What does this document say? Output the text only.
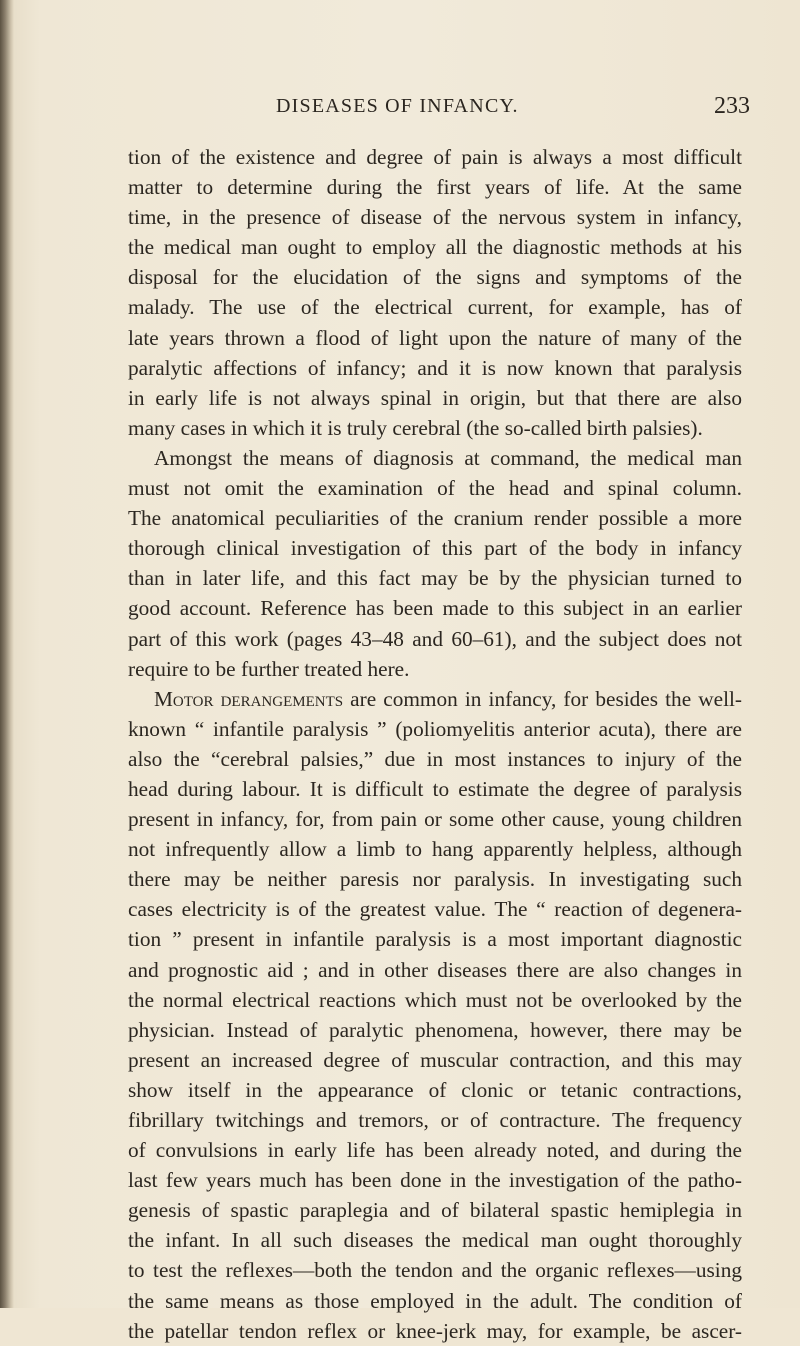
DISEASES OF INFANCY.	233
tion of the existence and degree of pain is always a most difficult
matter to determine during the first years of life. At the same
time, in the presence of disease of the nervous system in infancy,
the medical man ought to employ all the diagnostic methods at his
disposal for the elucidation of the signs and symptoms of the
malady. The use of the electrical current, for example, has of
late years thrown a flood of light upon the nature of many of the
paralytic affections of infancy; and it is now known that paralysis
in early life is not always spinal in origin, but that there are also
many cases in which it is truly cerebral (the so-called birth palsies).
Amongst the means of diagnosis at command, the medical man
must not omit the examination of the head and spinal column.
The anatomical peculiarities of the cranium render possible a more
thorough clinical investigation of this part of the body in infancy
than in later life, and this fact may be by the physician turned to
good account. Reference has been made to this subject in an earlier
part of this work (pages 43–48 and 60–61), and the subject does not
require to be further treated here.
Motor derangements are common in infancy, for besides the well-
known “ infantile paralysis ” (poliomyelitis anterior acuta), there are
also the “cerebral palsies,” due in most instances to injury of the
head during labour. It is difficult to estimate the degree of paralysis
present in infancy, for, from pain or some other cause, young children
not infrequently allow a limb to hang apparently helpless, although
there may be neither paresis nor paralysis. In investigating such
cases electricity is of the greatest value. The “ reaction of degenera-
tion ” present in infantile paralysis is a most important diagnostic
and prognostic aid ; and in other diseases there are also changes in
the normal electrical reactions which must not be overlooked by the
physician. Instead of paralytic phenomena, however, there may be
present an increased degree of muscular contraction, and this may
show itself in the appearance of clonic or tetanic contractions,
fibrillary twitchings and tremors, or of contracture. The frequency
of convulsions in early life has been already noted, and during the
last few years much has been done in the investigation of the patho-
genesis of spastic paraplegia and of bilateral spastic hemiplegia in
the infant. In all such diseases the medical man ought thoroughly
to test the reflexes—both the tendon and the organic reflexes—using
the same means as those employed in the adult. The condition of
the patellar tendon reflex or knee-jerk may, for example, be ascer-
